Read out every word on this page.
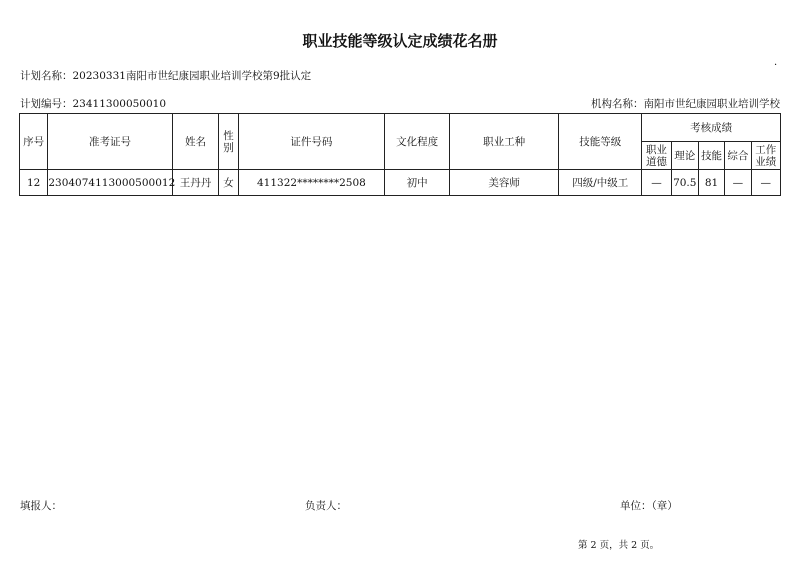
职业技能等级认定成绩花名册
·
计划名称：20230331南阳市世纪康园职业培训学校第9批认定
计划编号：23411300050010	机构名称：南阳市世纪康园职业培训学校
序号	准考证号	姓名	性别	证件号码	文化程度	职业工种	技能等级	考核成绩				
								职业道德	理论	技能	综合	工作业绩
12	2304074113000500012	王丹丹	女	411322********2508	初中	美容师	四级/中级工	—	70.5	81	—	—
填报人：	负责人：	单位：（章）
第 2 页，共 2 页。
